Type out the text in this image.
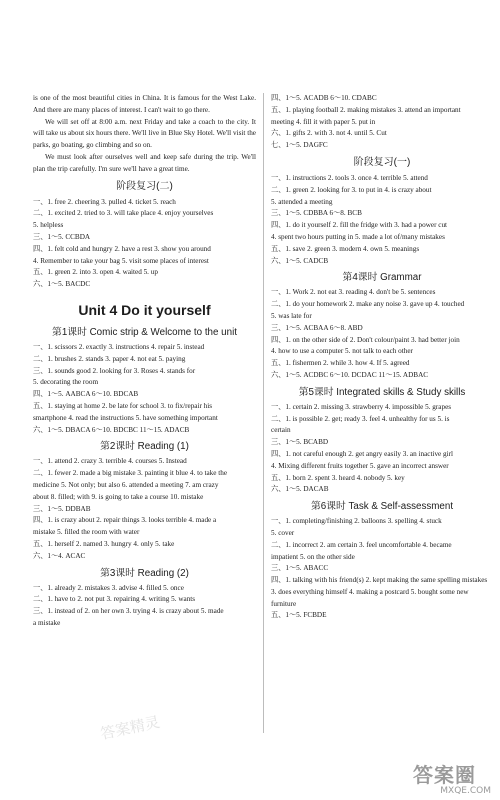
is one of the most beautiful cities in China. It is famous for the West Lake. And there are many places of interest. I can't wait to go there.

We will set off at 8:00 a.m. next Friday and take a coach to the city. It will take us about six hours there. We'll live in Blue Sky Hotel. We'll visit the parks, go boating, go climbing and so on.

We must look after ourselves well and keep safe during the trip. We'll plan the trip carefully. I'm sure we'll have a great time.

阶段复习(二)
一、1. free 2. cheering 3. pulled 4. ticket 5. reach
二、1. excited 2. tried to 3. will take place 4. enjoy yourselves
5. helpless
三、1～5. CCBDA
四、1. felt cold and hungry 2. have a rest 3. show you around
4. Remember to take your bag 5. visit some places of interest
五、1. green 2. into 3. open 4. waited 5. up
六、1～5. BACDC
Unit 4 Do it yourself
第1课时 Comic strip & Welcome to the unit
一、1. scissors 2. exactly 3. instructions 4. repair 5. instead
二、1. brushes 2. stands 3. paper 4. not eat 5. paying
三、1. sounds good 2. looking for 3. Roses 4. stands for
5. decorating the room
四、1～5. AABCA 6～10. BDCAB
五、1. staying at home 2. be late for school 3. to fix/repair his
smartphone 4. read the instructions 5. have something important
六、1～5. DBACA 6～10. BDCBC 11～15. ADACB
第2课时 Reading (1)
一、1. attend 2. crazy 3. terrible 4. courses 5. Instead
二、1. fewer 2. made a big mistake 3. painting it blue 4. to take the
medicine 5. Not only; but also 6. attended a meeting 7. am crazy
about 8. filled; with 9. is going to take a course 10. mistake
三、1～5. DDBAB
四、1. is crazy about 2. repair things 3. looks terrible 4. made a
mistake 5. filled the room with water
五、1. herself 2. named 3. hungry 4. only 5. take
六、1～4. ACAC
第3课时 Reading (2)
一、1. already 2. mistakes 3. advise 4. filled 5. once
二、1. have to 2. not put 3. repairing 4. writing 5. wants
三、1. instead of 2. on her own 3. trying 4. is crazy about 5. made
a mistake
四、1～5. ACADB 6～10. CDABC
五、1. playing football 2. making mistakes 3. attend an important
meeting 4. fill it with paper 5. put in
六、1. gifts 2. with 3. not 4. until 5. Cut
七、1～5. DAGFC
阶段复习(一)
一、1. instructions 2. tools 3. once 4. terrible 5. attend
二、1. green 2. looking for 3. to put in 4. is crazy about
5. attended a meeting
三、1～5. CDBBA 6～8. BCB
四、1. do it yourself 2. fill the fridge with 3. had a power cut
4. spent two hours putting in 5. made a lot of/many mistakes
五、1. save 2. green 3. modern 4. own 5. meanings
六、1～5. CADCB
第4课时 Grammar
一、1. Work 2. not eat 3. reading 4. don't be 5. sentences
二、1. do your homework 2. make any noise 3. gave up 4. touched
5. was late for
三、1～5. ACBAA 6～8. ABD
四、1. on the other side of 2. Don't colour/paint 3. had better join
4. how to use a computer 5. not talk to each other
五、1. fishermen 2. while 3. how 4. If 5. agreed
六、1～5. ACDBC 6～10. DCDAC 11～15. ADBAC
第5课时 Integrated skills & Study skills
一、1. certain 2. missing 3. strawberry 4. impossible 5. grapes
二、1. is possible 2. get; ready 3. feel 4. unhealthy for us 5. is
certain
三、1～5. BCABD
四、1. not careful enough 2. get angry easily 3. an inactive girl
4. Mixing different fruits together 5. gave an incorrect answer
五、1. born 2. spent 3. heard 4. nobody 5. key
六、1～5. DACAB
第6课时 Task & Self-assessment
一、1. completing/finishing 2. balloons 3. spelling 4. stuck
5. cover
二、1. incorrect 2. am certain 3. feel uncomfortable 4. became
impatient 5. on the other side
三、1～5. ABACC
四、1. talking with his friend(s) 2. kept making the same spelling mistakes
3. does everything himself 4. making a postcard 5. bought some new
furniture
五、1～5. FCBDE
答案精灵
答案圈
MXQE.COM
